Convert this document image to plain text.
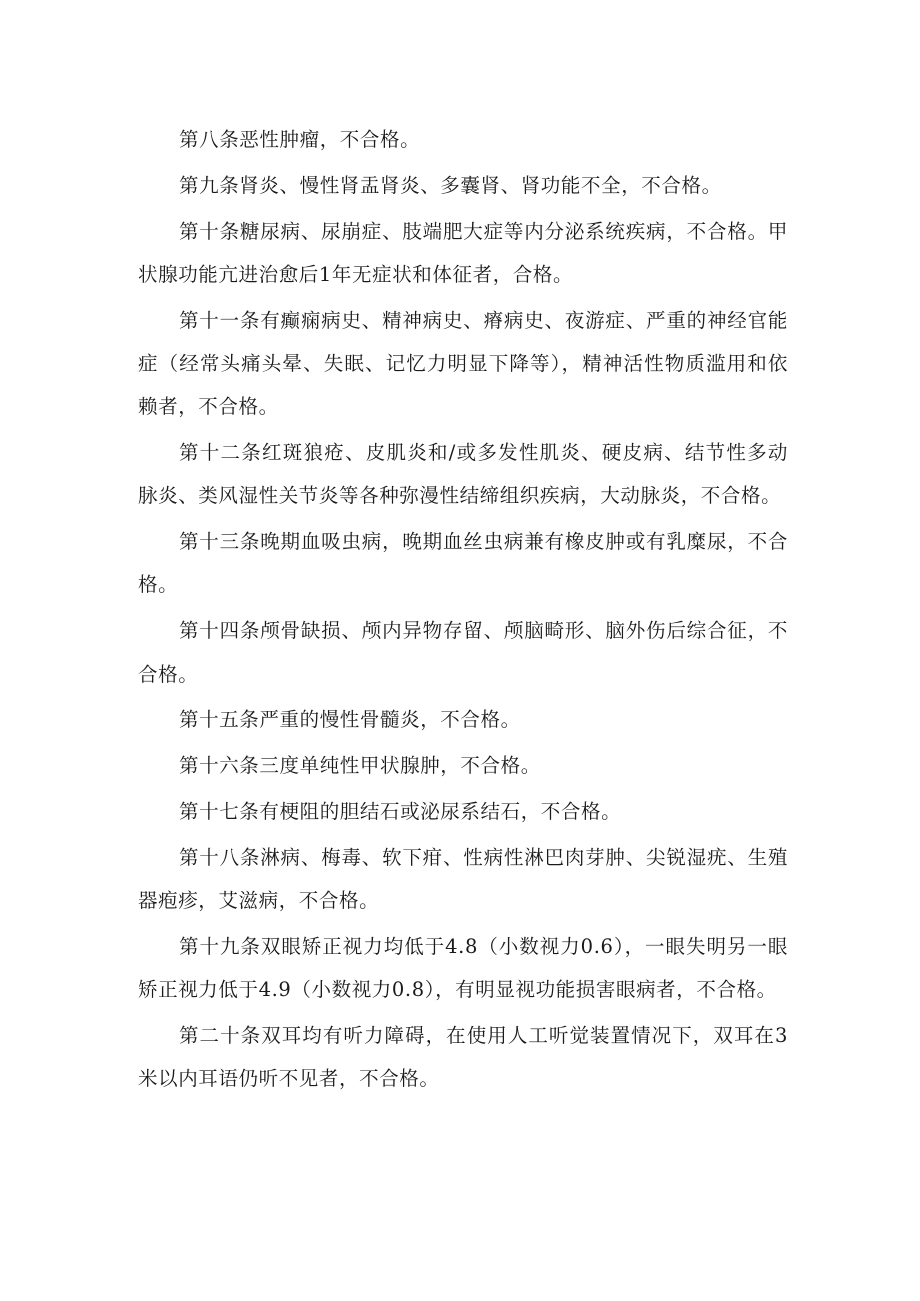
第八条恶性肿瘤，不合格。

第九条肾炎、慢性肾盂肾炎、多囊肾、肾功能不全，不合格。

第十条糖尿病、尿崩症、肢端肥大症等内分泌系统疾病，不合格。甲状腺功能亢进治愈后1年无症状和体征者，合格。

第十一条有癫痫病史、精神病史、瘠病史、夜游症、严重的神经官能症（经常头痛头晕、失眠、记忆力明显下降等），精神活性物质滥用和依赖者，不合格。

第十二条红斑狼疮、皮肌炎和/或多发性肌炎、硬皮病、结节性多动脉炎、类风湿性关节炎等各种弥漫性结缔组织疾病，大动脉炎，不合格。

第十三条晚期血吸虫病，晚期血丝虫病兼有橡皮肿或有乳糜尿，不合格。

第十四条颅骨缺损、颅内异物存留、颅脑畸形、脑外伤后综合征，不合格。

第十五条严重的慢性骨髓炎，不合格。

第十六条三度单纯性甲状腺肿，不合格。

第十七条有梗阻的胆结石或泌尿系结石，不合格。

第十八条淋病、梅毒、软下疳、性病性淋巴肉芽肿、尖锐湿疣、生殖器疱疹，艾滋病，不合格。

第十九条双眼矫正视力均低于4.8（小数视力0.6），一眼失明另一眼矫正视力低于4.9（小数视力0.8），有明显视功能损害眼病者，不合格。

第二十条双耳均有听力障碍，在使用人工听觉装置情况下，双耳在3米以内耳语仍听不见者，不合格。
